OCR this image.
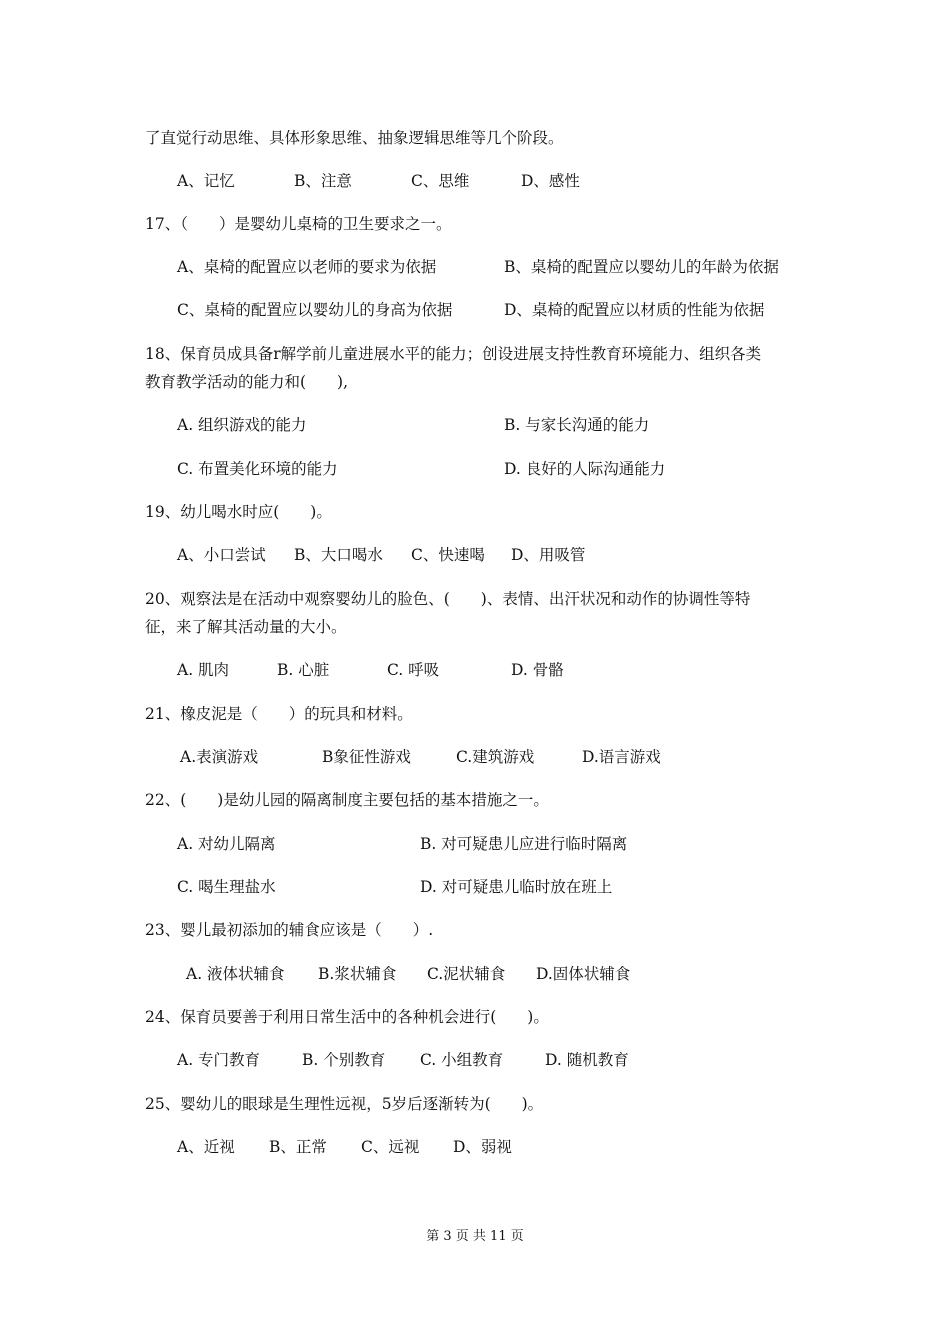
了直觉行动思维、具体形象思维、抽象逻辑思维等几个阶段。
A、记忆	B、注意	C、思维	D、感性
17、（　　）是婴幼儿桌椅的卫生要求之一。
A、桌椅的配置应以老师的要求为依据	B、桌椅的配置应以婴幼儿的年龄为依据
C、桌椅的配置应以婴幼儿的身高为依据	D、桌椅的配置应以材质的性能为依据
18、保育员成具备r解学前儿童进展水平的能力；创设进展支持性教育环境能力、组织各类
教育教学活动的能力和(　　),
A. 组织游戏的能力	B. 与家长沟通的能力
C. 布置美化环境的能力	D. 良好的人际沟通能力
19、幼儿喝水时应(　　)。
A、小口尝试 B、大口喝水 C、快速喝 D、用吸管
20、观察法是在活动中观察婴幼儿的脸色、(　　)、表情、出汗状况和动作的协调性等特
征，来了解其活动量的大小。
A. 肌肉	B. 心脏	C. 呼吸	D. 骨骼
21、橡皮泥是（　　）的玩具和材料。
A.表演游戏	B象征性游戏	C.建筑游戏	D.语言游戏
22、(　　)是幼儿园的隔离制度主要包括的基本措施之一。
A. 对幼儿隔离	B. 对可疑患儿应进行临时隔离
C. 喝生理盐水	D. 对可疑患儿临时放在班上
23、婴儿最初添加的辅食应该是（　　）.
A. 液体状辅食 B.浆状辅食 C.泥状辅食 D.固体状辅食
24、保育员要善于利用日常生活中的各种机会进行(　　)。
A. 专门教育	B. 个别教育 C. 小组教育	D. 随机教育
25、婴幼儿的眼球是生理性远视，5岁后逐渐转为(　　)。
A、近视 B、正常 C、远视 D、弱视
第 3 页 共 11 页
